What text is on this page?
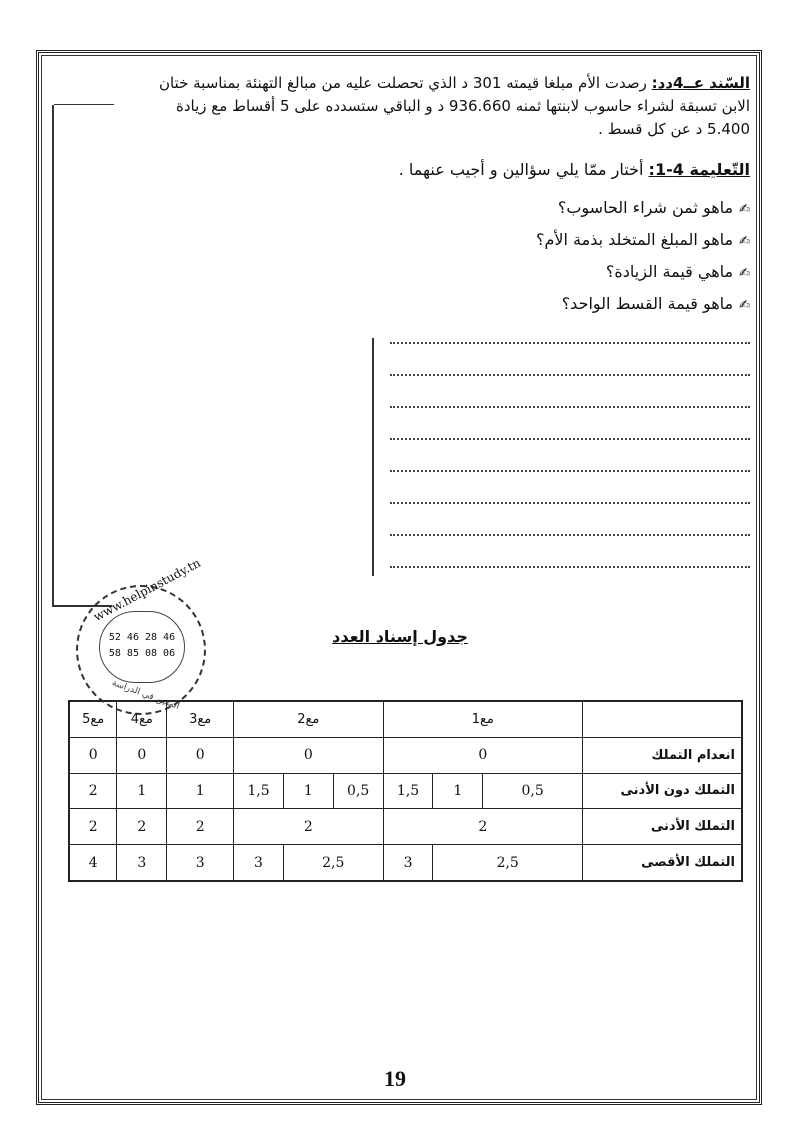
السّند عــ4دد: رصدت الأم مبلغا قيمته 301 د الذي تحصلت عليه من مبالغ التهنئة بمناسبة ختان
الابن تسبقة لشراء حاسوب لابنتها ثمنه 936.660 د و الباقي ستسدده على 5 أقساط مع زيادة
5.400 د عن كل قسط .
التّعليمة 4-1: أختار ممّا يلي سؤالين و أجيب عنهما .
✍ماهو ثمن شراء الحاسوب؟
✍ماهو المبلغ المتخلد بذمة الأم؟
✍ماهي قيمة الزيادة؟
✍ماهو قيمة القسط الواحد؟
www.helpinstudy.tn
52 46 28 46
58 85 08 06
المعين في الدراسة
جدول إسناد العدد
مع5	مع4	مع3	مع2			مع1			
0	0	0	0			0			انعدام التملك
2	1	1	1,5	1	0,5	1,5	1	0,5	التملك دون الأدنى
2	2	2	2			2			التملك الأدنى
4	3	3	3	2,5		3	2,5		التملك الأقصى
19
